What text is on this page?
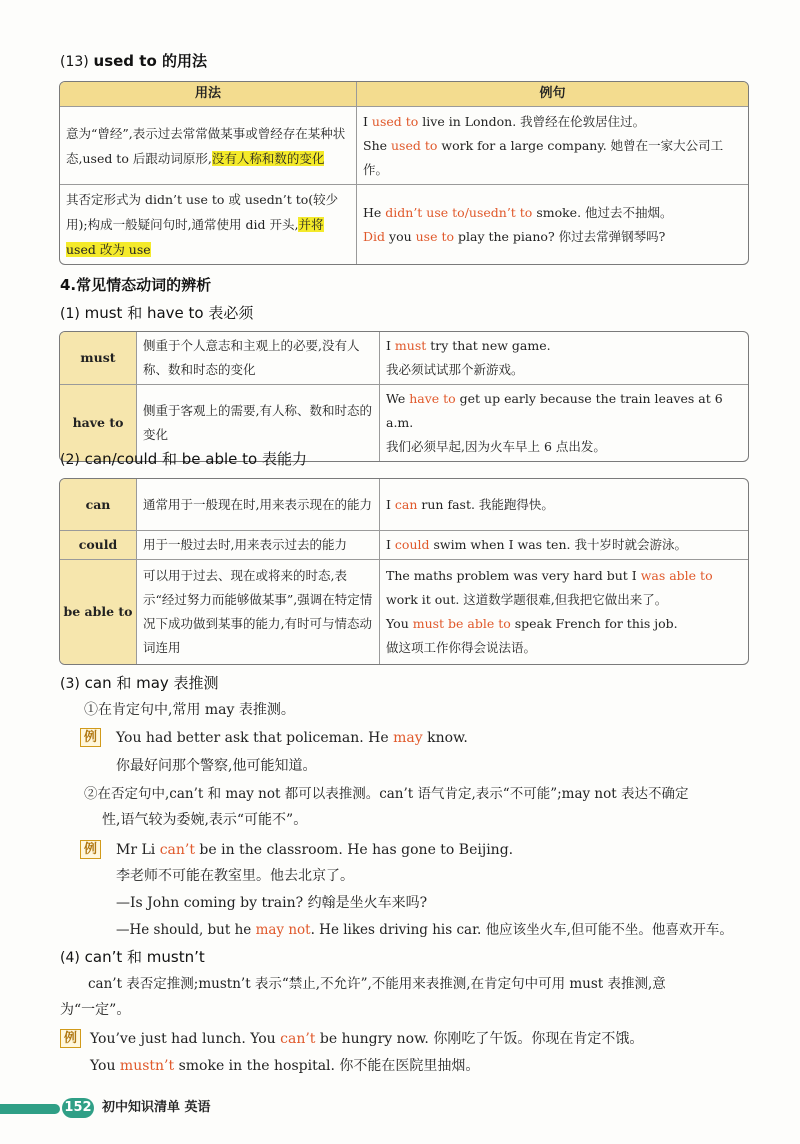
(13) used to 的用法
用法	例句
意为“曾经”,表示过去常常做某事或曾经存在某种状态,used to 后跟动词原形,没有人称和数的变化	I used to live in London. 我曾经在伦敦居住过。
She used to work for a large company. 她曾在一家大公司工作。

其否定形式为 didn’t use to 或 usedn’t to(较少用);构成一般疑问句时,通常使用 did 开头,并将 used 改为 use	He didn’t use to/usedn’t to smoke. 他过去不抽烟。
Did you use to play the piano? 你过去常弹钢琴吗?
4.常见情态动词的辨析
(1) must 和 have to 表必须
must	侧重于个人意志和主观上的必要,没有人称、数和时态的变化	I must try that new game.
我必须试试那个新游戏。

have to	侧重于客观上的需要,有人称、数和时态的变化	We have to get up early because the train leaves at 6 a.m.
我们必须早起,因为火车早上 6 点出发。
(2) can/could 和 be able to 表能力
can	通常用于一般现在时,用来表示现在的能力	I can run fast. 我能跑得快。
could	用于一般过去时,用来表示过去的能力	I could swim when I was ten. 我十岁时就会游泳。
be able to	可以用于过去、现在或将来的时态,表示“经过努力而能够做某事”,强调在特定情况下成功做到某事的能力,有时可与情态动词连用	The maths problem was very hard but I was able to work it out. 这道数学题很难,但我把它做出来了。
You must be able to speak French for this job.
做这项工作你得会说法语。
(3) can 和 may 表推测
①在肯定句中,常用 may 表推测。
例 You had better ask that policeman. He may know.
你最好问那个警察,他可能知道。
②在否定句中,can’t 和 may not 都可以表推测。can’t 语气肯定,表示“不可能”;may not 表达不确定
性,语气较为委婉,表示“可能不”。
例 Mr Li can’t be in the classroom. He has gone to Beijing.
李老师不可能在教室里。他去北京了。
—Is John coming by train? 约翰是坐火车来吗?
—He should, but he may not. He likes driving his car. 他应该坐火车,但可能不坐。他喜欢开车。
(4) can’t 和 mustn’t
can’t 表否定推测;mustn’t 表示“禁止,不允许”,不能用来表推测,在肯定句中可用 must 表推测,意
为“一定”。
例 You’ve just had lunch. You can’t be hungry now. 你刚吃了午饭。你现在肯定不饿。
You mustn’t smoke in the hospital. 你不能在医院里抽烟。
152 初中知识清单 英语
